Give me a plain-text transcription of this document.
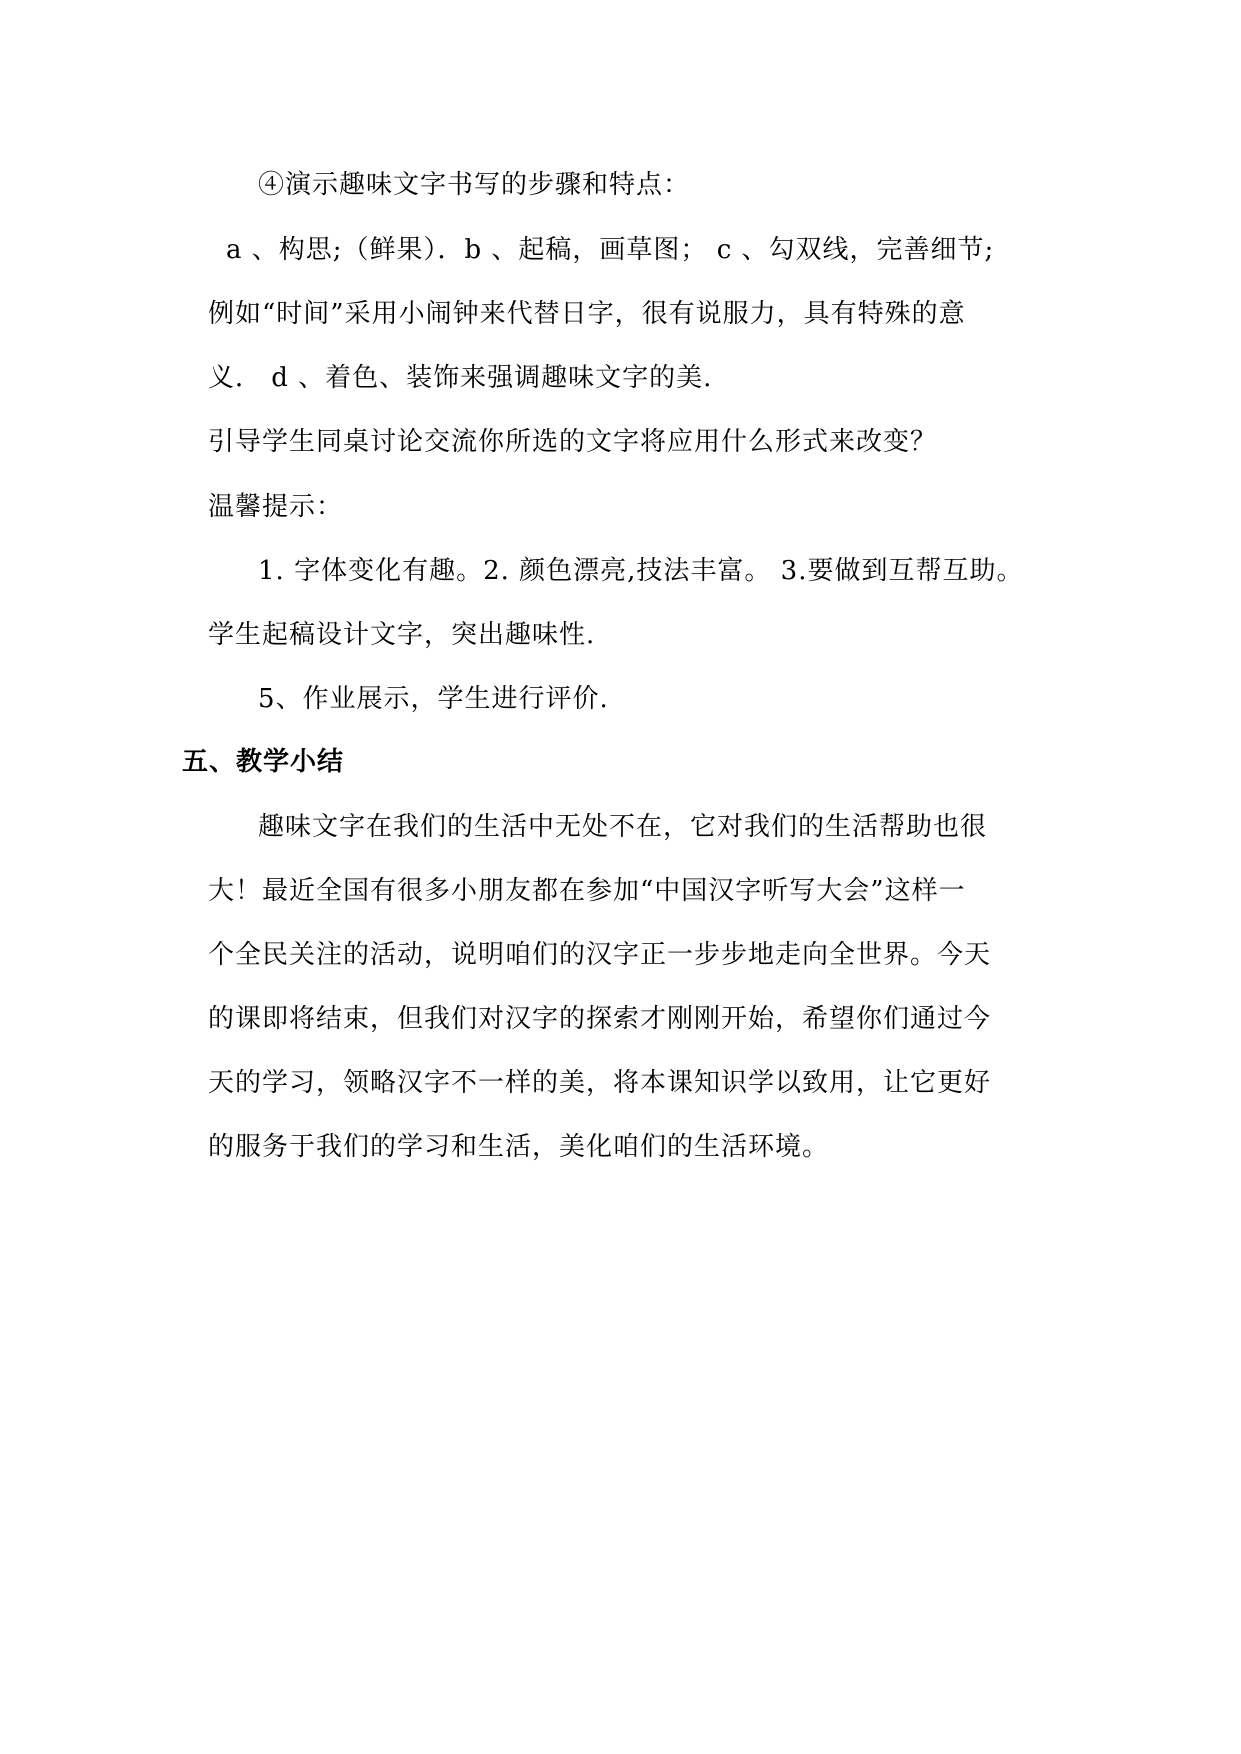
④演示趣味文字书写的步骤和特点：
a 、构思;（鲜果）．b 、起稿，画草图； c 、勾双线，完善细节;
例如“时间”采用小闹钟来代替日字，很有说服力，具有特殊的意
义． d 、着色、装饰来强调趣味文字的美.
引导学生同桌讨论交流你所选的文字将应用什么形式来改变？
温馨提示：
1. 字体变化有趣。2. 颜色漂亮,技法丰富。 3.要做到互帮互助。
学生起稿设计文字，突出趣味性.
5、作业展示，学生进行评价.
五、教学小结
趣味文字在我们的生活中无处不在，它对我们的生活帮助也很
大！最近全国有很多小朋友都在参加“中国汉字听写大会”这样一
个全民关注的活动，说明咱们的汉字正一步步地走向全世界。今天
的课即将结束，但我们对汉字的探索才刚刚开始，希望你们通过今
天的学习，领略汉字不一样的美，将本课知识学以致用，让它更好
的服务于我们的学习和生活，美化咱们的生活环境。
